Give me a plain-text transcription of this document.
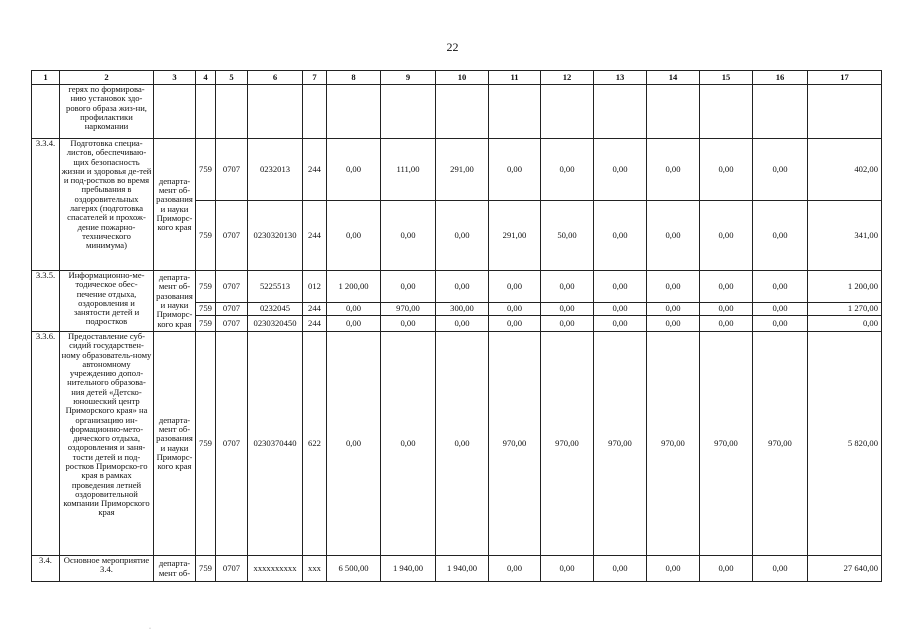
22
1	2	3	4	5	6	7	8	9	10	11	12	13	14	15	16	17
	герях по формирова-нию установок здо-рового образа жиз-ни, профилактики наркомании															
3.3.4.	Подготовка специа-листов, обеспечиваю-щих безопасность жизни и здоровья де-тей и под-ростков во время пребывания в оздоровительных лагерях (подготовка спасателей и прохож-дение пожарно-технического минимума)	департа-мент об-разования и науки Приморс-кого края	759	0707	0232013	244	0,00	111,00	291,00	0,00	0,00	0,00	0,00	0,00	0,00	402,00
			759	0707	0230320130	244	0,00	0,00	0,00	291,00	50,00	0,00	0,00	0,00	0,00	341,00
3.3.5.	Информационно-ме-тодическое обес-печение отдыха, оздоровления и занятости детей и подростков	департа-мент об-разования и науки Приморс-кого края	759	0707	5225513	012	1 200,00	0,00	0,00	0,00	0,00	0,00	0,00	0,00	0,00	1 200,00
			759	0707	0232045	244	0,00	970,00	300,00	0,00	0,00	0,00	0,00	0,00	0,00	1 270,00
			759	0707	0230320450	244	0,00	0,00	0,00	0,00	0,00	0,00	0,00	0,00	0,00	0,00
3.3.6.	Предоставление суб-сидий государствен-ному образователь-ному автономному учреждению допол-нительного образова-ния детей «Детско-юношеский центр Приморского края» на организацию ин-формационно-мето-дического отдыха, оздоровления и заня-тости детей и под-ростков Приморско-го края в рамках проведения летней оздоровительной компании Приморского края	департа-мент об-разования и науки Приморс-кого края	759	0707	0230370440	622	0,00	0,00	0,00	970,00	970,00	970,00	970,00	970,00	970,00	5 820,00
3.4.	Основное мероприятие 3.4.	департа-мент об-	759	0707	xxxxxxxxxx	xxx	6 500,00	1 940,00	1 940,00	0,00	0,00	0,00	0,00	0,00	0,00	27 640,00
·
